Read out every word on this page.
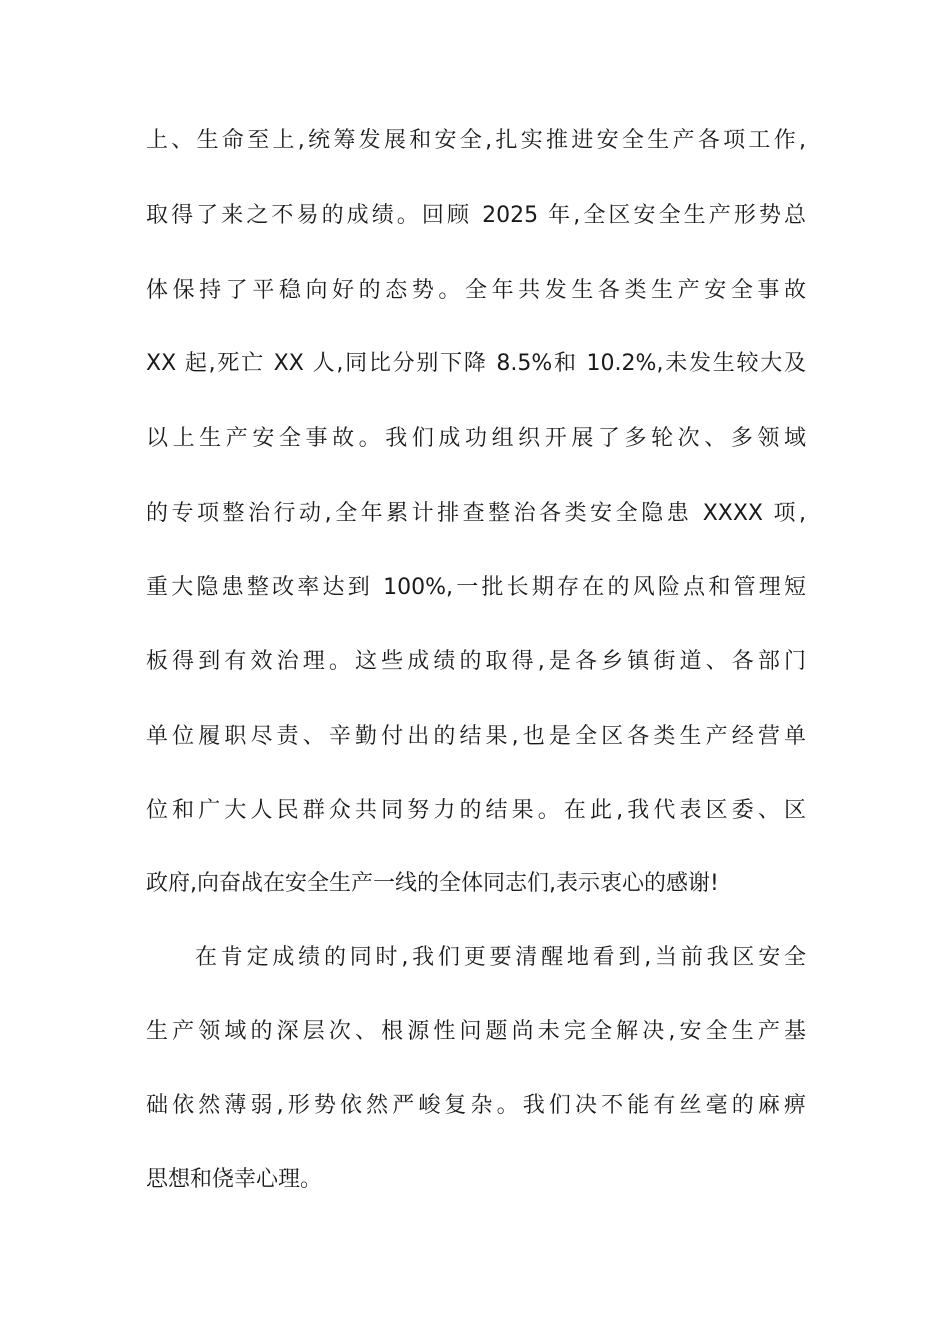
上、生命至上,统筹发展和安全,扎实推进安全生产各项工作,
取得了来之不易的成绩。回顾 2025 年,全区安全生产形势总
体保持了平稳向好的态势。全年共发生各类生产安全事故
XX 起,死亡 XX 人,同比分别下降 8.5%和 10.2%,未发生较大及
以上生产安全事故。我们成功组织开展了多轮次、多领域
的专项整治行动,全年累计排查整治各类安全隐患 XXXX 项,
重大隐患整改率达到 100%,一批长期存在的风险点和管理短
板得到有效治理。这些成绩的取得,是各乡镇街道、各部门
单位履职尽责、辛勤付出的结果,也是全区各类生产经营单
位和广大人民群众共同努力的结果。在此,我代表区委、区
政府,向奋战在安全生产一线的全体同志们,表示衷心的感谢!
在肯定成绩的同时,我们更要清醒地看到,当前我区安全
生产领域的深层次、根源性问题尚未完全解决,安全生产基
础依然薄弱,形势依然严峻复杂。我们决不能有丝毫的麻痹
思想和侥幸心理。
